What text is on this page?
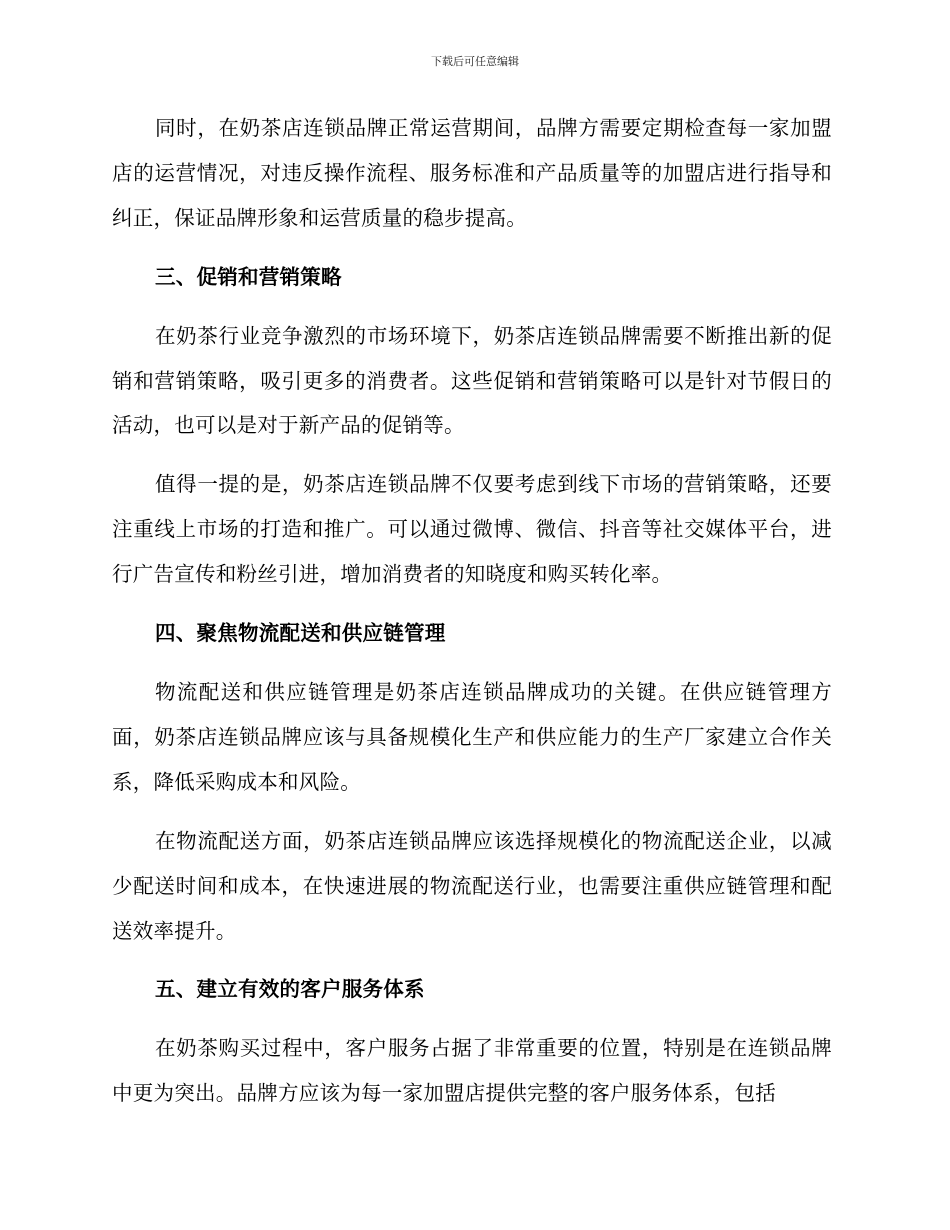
下载后可任意编辑

同时，在奶茶店连锁品牌正常运营期间，品牌方需要定期检查每一家加盟店的运营情况，对违反操作流程、服务标准和产品质量等的加盟店进行指导和纠正，保证品牌形象和运营质量的稳步提高。

三、促销和营销策略

在奶茶行业竞争激烈的市场环境下，奶茶店连锁品牌需要不断推出新的促销和营销策略，吸引更多的消费者。这些促销和营销策略可以是针对节假日的活动，也可以是对于新产品的促销等。

值得一提的是，奶茶店连锁品牌不仅要考虑到线下市场的营销策略，还要注重线上市场的打造和推广。可以通过微博、微信、抖音等社交媒体平台，进行广告宣传和粉丝引进，增加消费者的知晓度和购买转化率。

四、聚焦物流配送和供应链管理

物流配送和供应链管理是奶茶店连锁品牌成功的关键。在供应链管理方面，奶茶店连锁品牌应该与具备规模化生产和供应能力的生产厂家建立合作关系，降低采购成本和风险。

在物流配送方面，奶茶店连锁品牌应该选择规模化的物流配送企业，以减少配送时间和成本，在快速进展的物流配送行业，也需要注重供应链管理和配送效率提升。

五、建立有效的客户服务体系

在奶茶购买过程中，客户服务占据了非常重要的位置，特别是在连锁品牌中更为突出。品牌方应该为每一家加盟店提供完整的客户服务体系，包括
